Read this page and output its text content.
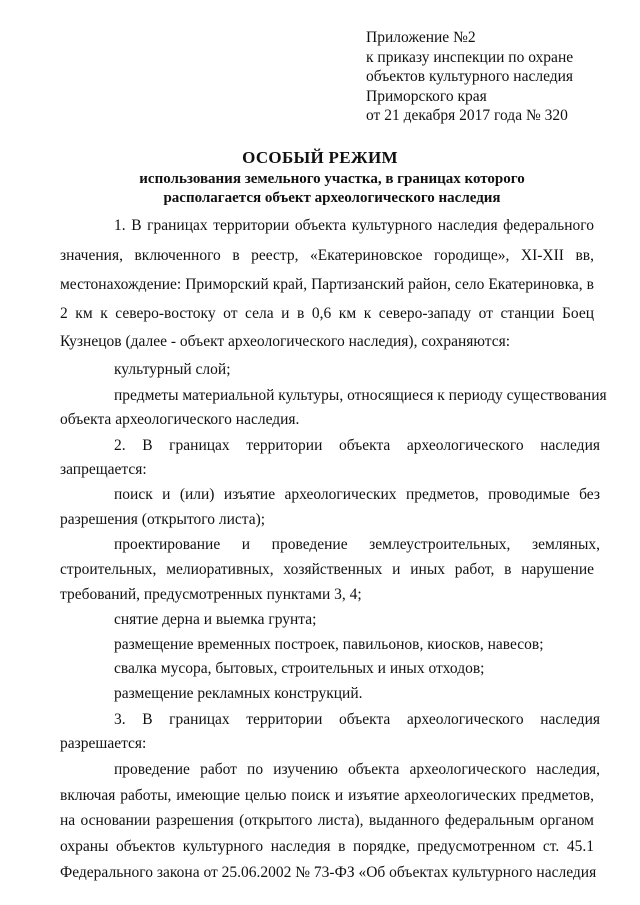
Приложение №2
к приказу инспекции по охране
объектов культурного наследия
Приморского края
от 21 декабря 2017 года № 320
ОСОБЫЙ РЕЖИМ
использования земельного участка, в границах которого
располагается объект археологического наследия
1. В границах территории объекта культурного наследия федерального
значения, включенного в реестр, «Екатериновское городище», XI-XII вв,
местонахождение: Приморский край, Партизанский район, село Екатериновка, в
2 км к северо-востоку от села и в 0,6 км к северо-западу от станции Боец
Кузнецов (далее - объект археологического наследия), сохраняются:
культурный слой;
предметы материальной культуры, относящиеся к периоду существования
объекта археологического наследия.
2. В границах территории объекта археологического наследия
запрещается:
поиск и (или) изъятие археологических предметов, проводимые без
разрешения (открытого листа);
проектирование и проведение землеустроительных, земляных,
строительных, мелиоративных, хозяйственных и иных работ, в нарушение
требований, предусмотренных пунктами 3, 4;
снятие дерна и выемка грунта;
размещение временных построек, павильонов, киосков, навесов;
свалка мусора, бытовых, строительных и иных отходов;
размещение рекламных конструкций.
3. В границах территории объекта археологического наследия
разрешается:
проведение работ по изучению объекта археологического наследия,
включая работы, имеющие целью поиск и изъятие археологических предметов,
на основании разрешения (открытого листа), выданного федеральным органом
охраны объектов культурного наследия в порядке, предусмотренном ст. 45.1
Федерального закона от 25.06.2002 № 73-ФЗ «Об объектах культурного наследия
